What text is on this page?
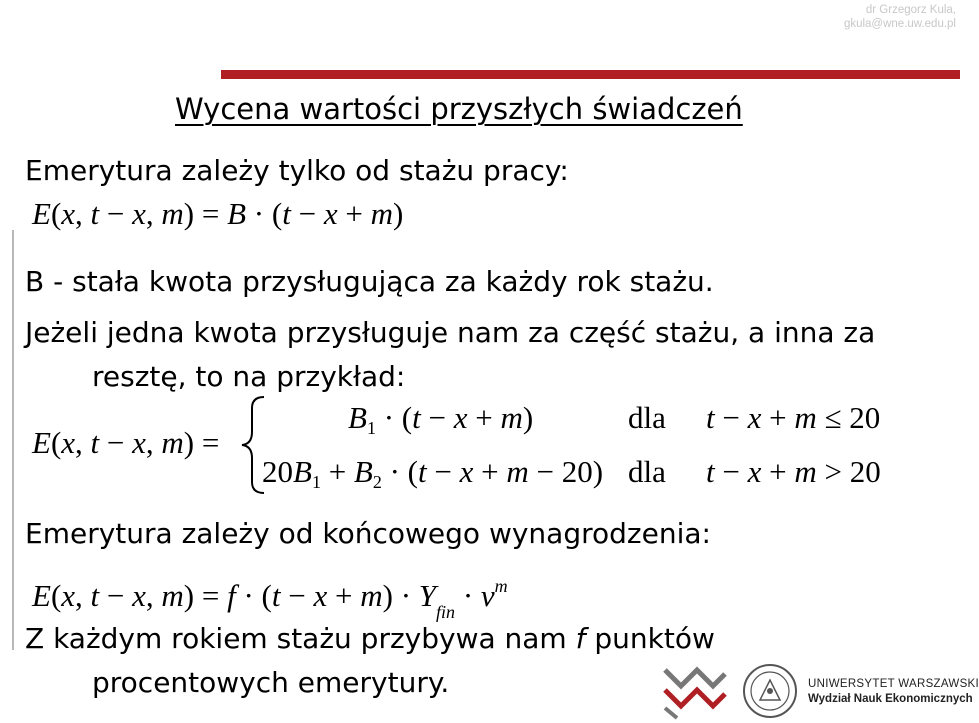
dr Grzegorz Kula,
gkula@wne.uw.edu.pl
Wycena wartości przyszłych świadczeń
Emerytura zależy tylko od stażu pracy:
E(x, t − x, m) = B · (t − x + m)
B - stała kwota przysługująca za każdy rok stażu.
Jeżeli jedna kwota przysługuje nam za część stażu, a inna za
resztę, to na przykład:
E(x, t − x, m) =
$B_1 \cdot (t - x + m)$	dla t − x + m ≤ 20
$20B_1 + B_2 \cdot (t - x + m - 20)$ dla t − x + m > 20
Emerytura zależy od końcowego wynagrodzenia:
E(x, t − x, $m) = f \cdot (t - x + m) \cdot Y_{fin} \cdot v^m$
Z każdym rokiem stażu przybywa nam f punktów
procentowych emerytury.	UNIWERSYTET WARSZAWSKI
Wydział Nauk Ekonomicznych
